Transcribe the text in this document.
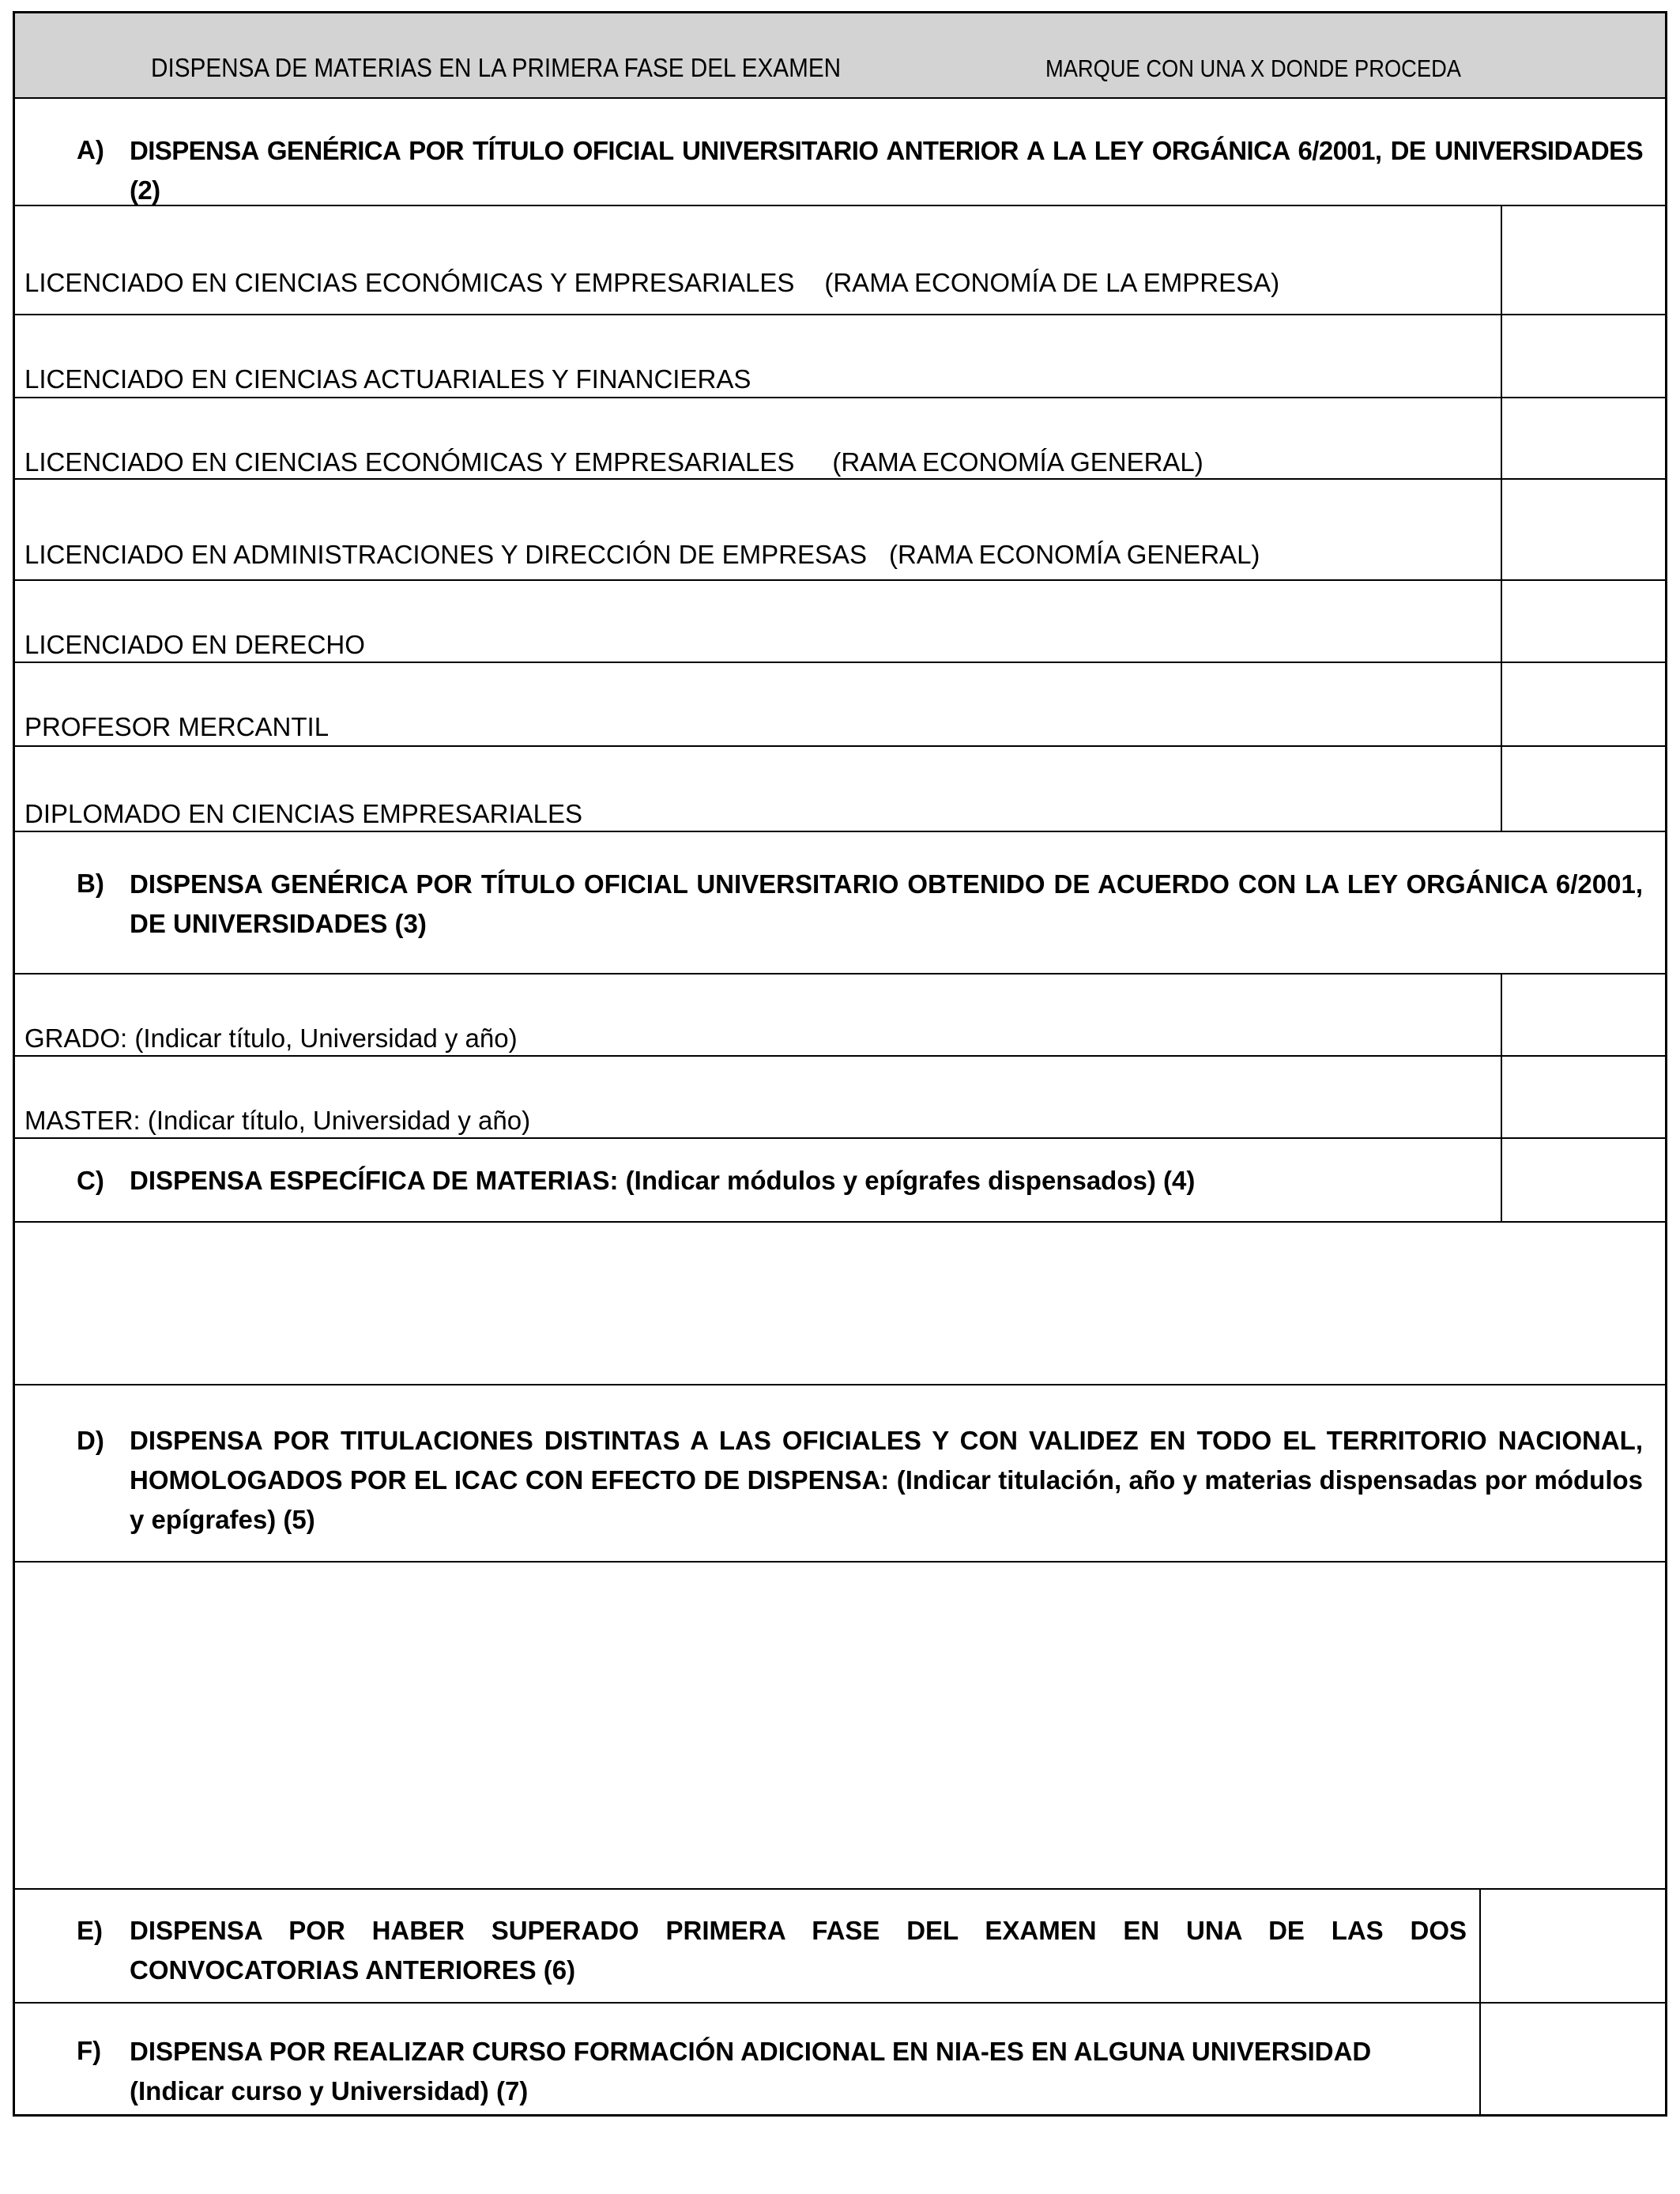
DISPENSA DE MATERIAS EN LA PRIMERA FASE DEL EXAMEN	MARQUE CON UNA X DONDE PROCEDA
A) DISPENSA GENÉRICA POR TÍTULO OFICIAL UNIVERSITARIO ANTERIOR A LA LEY ORGÁNICA 6/2001, DE UNIVERSIDADES (2)
LICENCIADO EN CIENCIAS ECONÓMICAS Y EMPRESARIALES (RAMA ECONOMÍA DE LA EMPRESA)
LICENCIADO EN CIENCIAS ACTUARIALES Y FINANCIERAS
LICENCIADO EN CIENCIAS ECONÓMICAS Y EMPRESARIALES (RAMA ECONOMÍA GENERAL)
LICENCIADO EN ADMINISTRACIONES Y DIRECCIÓN DE EMPRESAS (RAMA ECONOMÍA GENERAL)
LICENCIADO EN DERECHO
PROFESOR MERCANTIL
DIPLOMADO EN CIENCIAS EMPRESARIALES
B) DISPENSA GENÉRICA POR TÍTULO OFICIAL UNIVERSITARIO OBTENIDO DE ACUERDO CON LA LEY ORGÁNICA 6/2001, DE UNIVERSIDADES (3)
GRADO: (Indicar título, Universidad y año)
MASTER: (Indicar título, Universidad y año)
C) DISPENSA ESPECÍFICA DE MATERIAS: (Indicar módulos y epígrafes dispensados) (4)
D) DISPENSA POR TITULACIONES DISTINTAS A LAS OFICIALES Y CON VALIDEZ EN TODO EL TERRITORIO NACIONAL, HOMOLOGADOS POR EL ICAC CON EFECTO DE DISPENSA: (Indicar titulación, año y materias dispensadas por módulos y epígrafes) (5)
E) DISPENSA POR HABER SUPERADO PRIMERA FASE DEL EXAMEN EN UNA DE LAS DOS CONVOCATORIAS ANTERIORES (6)
F) DISPENSA POR REALIZAR CURSO FORMACIÓN ADICIONAL EN NIA-ES EN ALGUNA UNIVERSIDAD
(Indicar curso y Universidad) (7)
